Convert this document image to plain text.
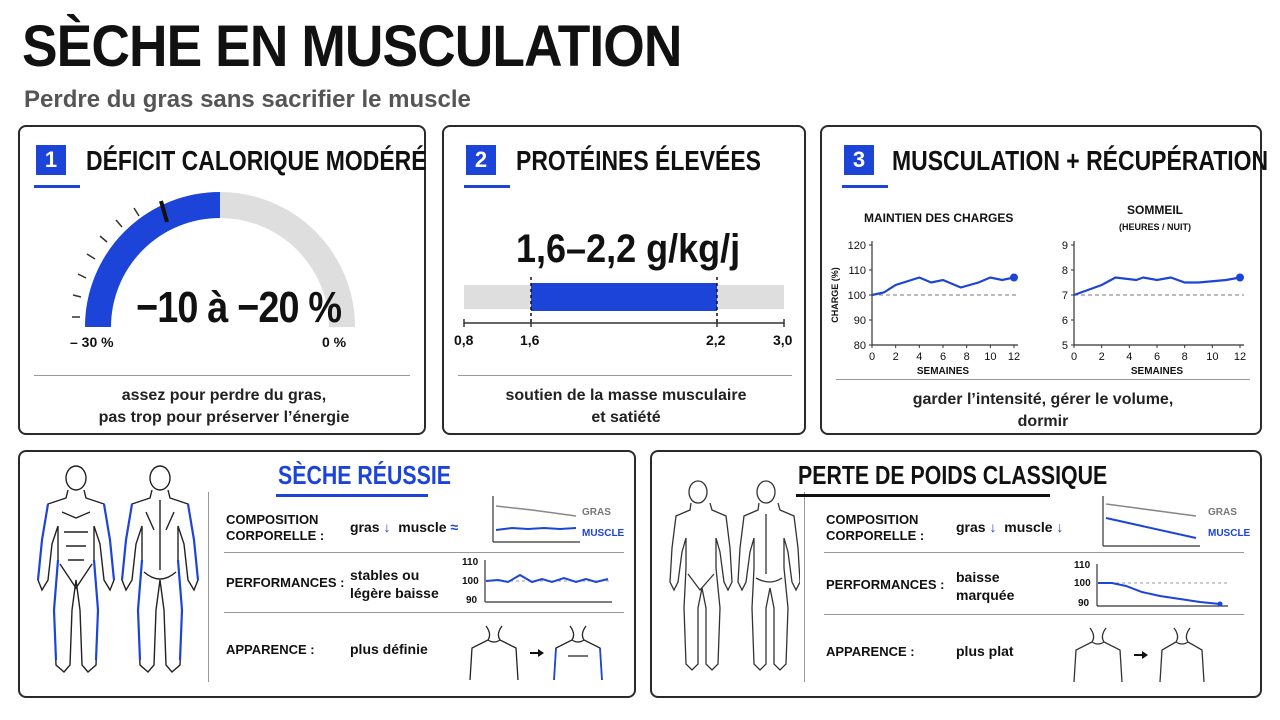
SÈCHE EN MUSCULATION
Perdre du gras sans sacrifier le muscle
1	DÉFICIT CALORIQUE MODÉRÉ
−10 à −20 %
– 30 %	0 %
assez pour perdre du gras,
pas trop pour préserver l’énergie
2	PROTÉINES ÉLEVÉES
1,6–2,2 g/kg/j
0,8	1,6	2,2	3,0
soutien de la masse musculaire
et satiété
3 MUSCULATION + RÉCUPÉRATION
MAINTIEN DES CHARGES
SOMMEIL
(HEURES / NUIT)
80
90
100
110
120
0 2 4 6 8 10 12
SEMAINES
CHARGE (%)
5
6
7
8
9
0 2 4 6 8 10 12
SEMAINES
garder l’intensité, gérer le volume,
dormir
SÈCHE RÉUSSIE
COMPOSITION
CORPORELLE :
gras ↓ muscle ≈
GRAS
MUSCLE
PERFORMANCES : stables ou
légère baisse
110
100
90
APPARENCE :	plus définie
PERTE DE POIDS CLASSIQUE
COMPOSITION
CORPORELLE :
gras ↓ muscle ↓
GRAS
MUSCLE
PERFORMANCES : baisse
marquée
110
100
90
APPARENCE :	plus plat
